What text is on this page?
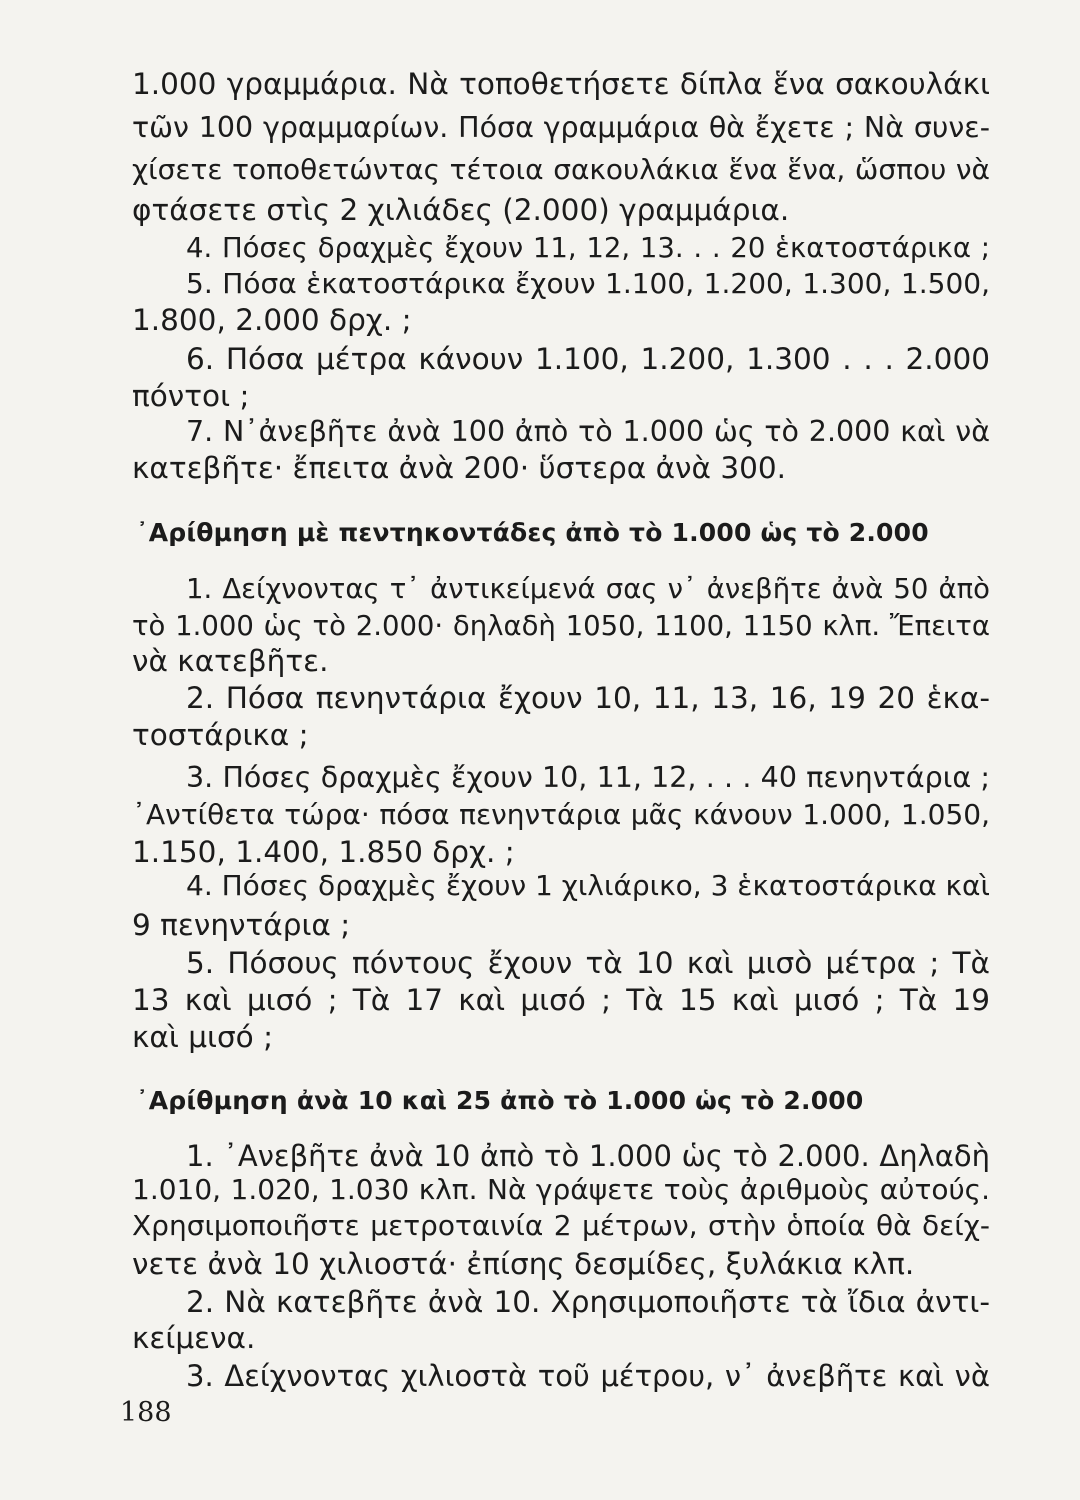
1.000 γραμμάρια. Νὰ τοποθετήσετε δίπλα ἕνα σακουλάκι
τῶν 100 γραμμαρίων. Πόσα γραμμάρια θὰ ἔχετε ; Νὰ συνε-
χίσετε τοποθετώντας τέτοια σακουλάκια ἕνα ἕνα, ὥσπου νὰ
φτάσετε στὶς 2 χιλιάδες (2.000) γραμμάρια.
4. Πόσες δραχμὲς ἔχουν 11, 12, 13. . . 20 ἑκατοστάρικα ;
5. Πόσα ἑκατοστάρικα ἔχουν 1.100, 1.200, 1.300, 1.500,
1.800, 2.000 δρχ. ;
6. Πόσα μέτρα κάνουν 1.100, 1.200, 1.300 . . . 2.000
πόντοι ;
7. Ν᾽ἀνεβῆτε ἀνὰ 100 ἀπὸ τὸ 1.000 ὡς τὸ 2.000 καὶ νὰ
κατεβῆτε· ἔπειτα ἀνὰ 200· ὕστερα ἀνὰ 300.
᾿Αρίθμηση μὲ πεντηκοντάδες ἀπὸ τὸ 1.000 ὡς τὸ 2.000
1. Δείχνοντας τ᾽ ἀντικείμενά σας ν᾽ ἀνεβῆτε ἀνὰ 50 ἀπὸ
τὸ 1.000 ὡς τὸ 2.000· δηλαδὴ 1050, 1100, 1150 κλπ. Ἔπειτα
νὰ κατεβῆτε.
2. Πόσα πενηντάρια ἔχουν 10, 11, 13, 16, 19 20 ἑκα-
τοστάρικα ;
3. Πόσες δραχμὲς ἔχουν 10, 11, 12, . . . 40 πενηντάρια ;
᾿Αντίθετα τώρα· πόσα πενηντάρια μᾶς κάνουν 1.000, 1.050,
1.150, 1.400, 1.850 δρχ. ;
4. Πόσες δραχμὲς ἔχουν 1 χιλιάρικο, 3 ἑκατοστάρικα καὶ
9 πενηντάρια ;
5. Πόσους πόντους ἔχουν τὰ 10 καὶ μισὸ μέτρα ; Τὰ
13 καὶ μισό ; Τὰ 17 καὶ μισό ; Τὰ 15 καὶ μισό ; Τὰ 19
καὶ μισό ;
᾿Αρίθμηση ἀνὰ 10 καὶ 25 ἀπὸ τὸ 1.000 ὡς τὸ 2.000
1. ᾿Ανεβῆτε ἀνὰ 10 ἀπὸ τὸ 1.000 ὡς τὸ 2.000. Δηλαδὴ
1.010, 1.020, 1.030 κλπ. Νὰ γράψετε τοὺς ἀριθμοὺς αὐτούς.
Χρησιμοποιῆστε μετροταινία 2 μέτρων, στὴν ὁποία θὰ δείχ-
νετε ἀνὰ 10 χιλιοστά· ἐπίσης δεσμίδες, ξυλάκια κλπ.
2. Νὰ κατεβῆτε ἀνὰ 10. Χρησιμοποιῆστε τὰ ἴδια ἀντι-
κείμενα.
3. Δείχνοντας χιλιοστὰ τοῦ μέτρου, ν᾽ ἀνεβῆτε καὶ νὰ
188
